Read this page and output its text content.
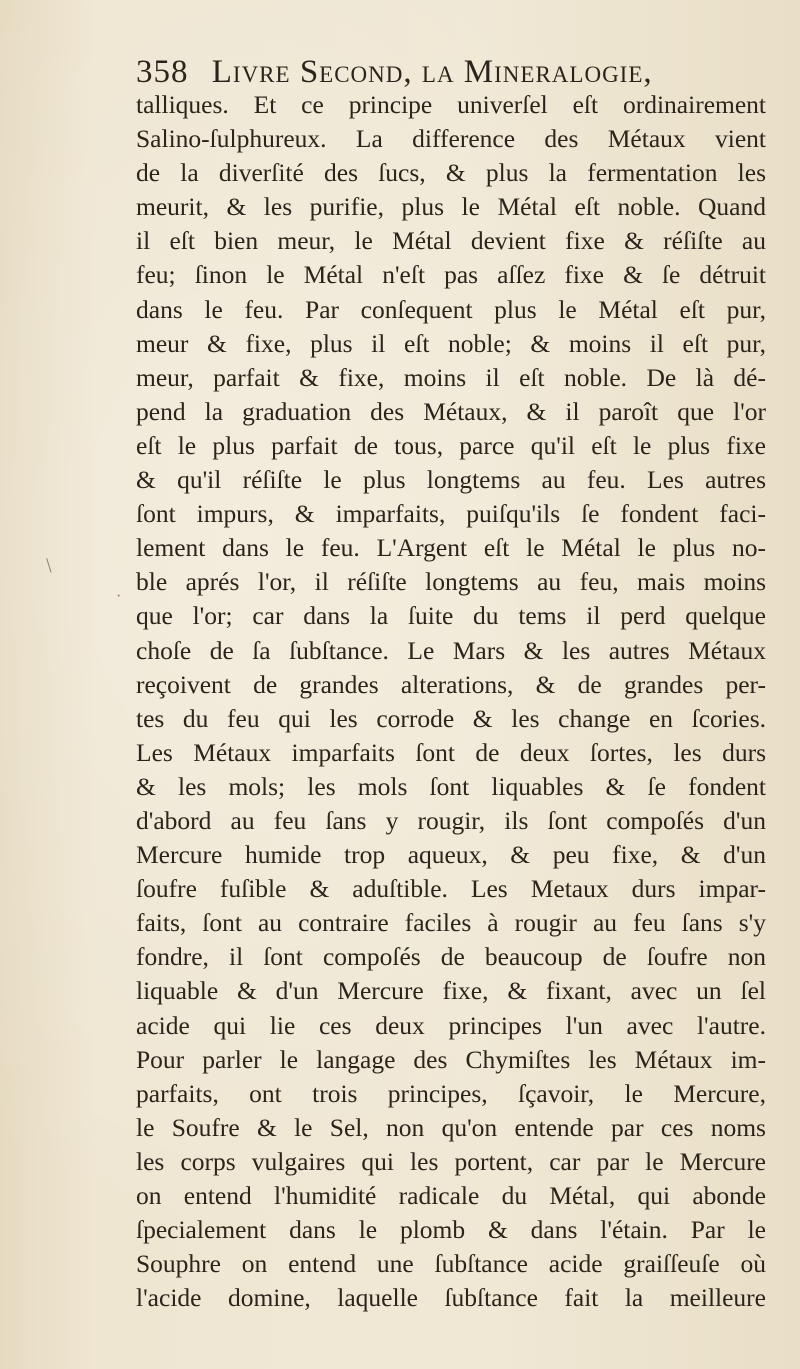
358 Livre Second, la Mineralogie,
﹨
·
talliques. Et ce principe univerſel eſt ordinairement
Salino-ſulphureux. La difference des Métaux vient
de la diverſité des ſucs, & plus la fermentation les
meurit, & les purifie, plus le Métal eſt noble. Quand
il eſt bien meur, le Métal devient fixe & réſiſte au
feu; ſinon le Métal n'eſt pas aſſez fixe & ſe détruit
dans le feu. Par conſequent plus le Métal eſt pur,
meur & fixe, plus il eſt noble; & moins il eſt pur,
meur, parfait & fixe, moins il eſt noble. De là dé-
pend la graduation des Métaux, & il paroît que l'or
eſt le plus parfait de tous, parce qu'il eſt le plus fixe
& qu'il réſiſte le plus longtems au feu. Les autres
ſont impurs, & imparfaits, puiſqu'ils ſe fondent faci-
lement dans le feu. L'Argent eſt le Métal le plus no-
ble aprés l'or, il réſiſte longtems au feu, mais moins
que l'or; car dans la ſuite du tems il perd quelque
choſe de ſa ſubſtance. Le Mars & les autres Métaux
reçoivent de grandes alterations, & de grandes per-
tes du feu qui les corrode & les change en ſcories.
Les Métaux imparfaits ſont de deux ſortes, les durs
& les mols; les mols ſont liquables & ſe fondent
d'abord au feu ſans y rougir, ils ſont compoſés d'un
Mercure humide trop aqueux, & peu fixe, & d'un
ſoufre fuſible & aduſtible. Les Metaux durs impar-
faits, ſont au contraire faciles à rougir au feu ſans s'y
fondre, il ſont compoſés de beaucoup de ſoufre non
liquable & d'un Mercure fixe, & fixant, avec un ſel
acide qui lie ces deux principes l'un avec l'autre.
Pour parler le langage des Chymiſtes les Métaux im-
parfaits, ont trois principes, ſçavoir, le Mercure,
le Soufre & le Sel, non qu'on entende par ces noms
les corps vulgaires qui les portent, car par le Mercure
on entend l'humidité radicale du Métal, qui abonde
ſpecialement dans le plomb & dans l'étain. Par le
Souphre on entend une ſubſtance acide graiſſeuſe où
l'acide domine, laquelle ſubſtance fait la meilleure
